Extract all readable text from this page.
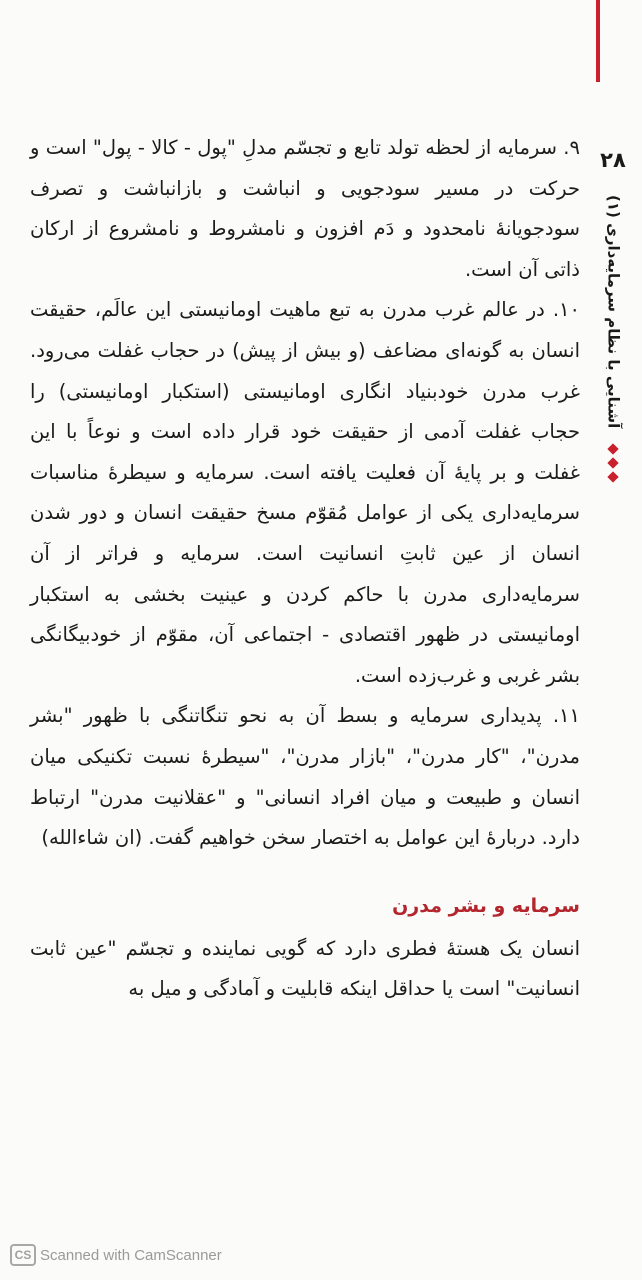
۲۸
آشنایی با نظام سرمایه‌داری (۱)

۹. سرمایه از لحظه تولد تابع و تجسّم مدلِ "پول - کالا - پول" است و حرکت در مسیر سودجویی و انباشت و بازانباشت و تصرف سودجویانهٔ نامحدود و دَم افزون و نامشروط و نامشروع از ارکان ذاتی آن است.

۱۰. در عالم غرب مدرن به تبع ماهیت اومانیستی این عالَم، حقیقت انسان به گونه‌ای مضاعف (و بیش از پیش) در حجاب غفلت می‌رود. غرب مدرن خودبنیاد انگاری اومانیستی (استکبار اومانیستی) را حجاب غفلت آدمی از حقیقت خود قرار داده است و نوعاً با این غفلت و بر پایهٔ آن فعلیت یافته است. سرمایه و سیطرهٔ مناسبات سرمایه‌داری یکی از عوامل مُقوّم مسخ حقیقت انسان و دور شدن انسان از عین ثابتِ انسانیت است. سرمایه و فراتر از آن سرمایه‌داری مدرن با حاکم کردن و عینیت بخشی به استکبار اومانیستی در ظهور اقتصادی - اجتماعی آن، مقوّم از خودبیگانگی بشر غربی و غرب‌زده است.

۱۱. پدیداری سرمایه و بسط آن به نحو تنگاتنگی با ظهور "بشر مدرن"، "کار مدرن"، "بازار مدرن"، "سیطرهٔ نسبت تکنیکی میان انسان و طبیعت و میان افراد انسانی" و "عقلانیت مدرن" ارتباط دارد. دربارهٔ این عوامل به اختصار سخن خواهیم گفت. (ان شاءالله)

سرمایه و بشر مدرن

انسان یک هستهٔ فطری دارد که گویی نماینده و تجسّم "عین ثابت انسانیت" است یا حداقل اینکه قابلیت و آمادگی و میل به

CS Scanned with CamScanner
